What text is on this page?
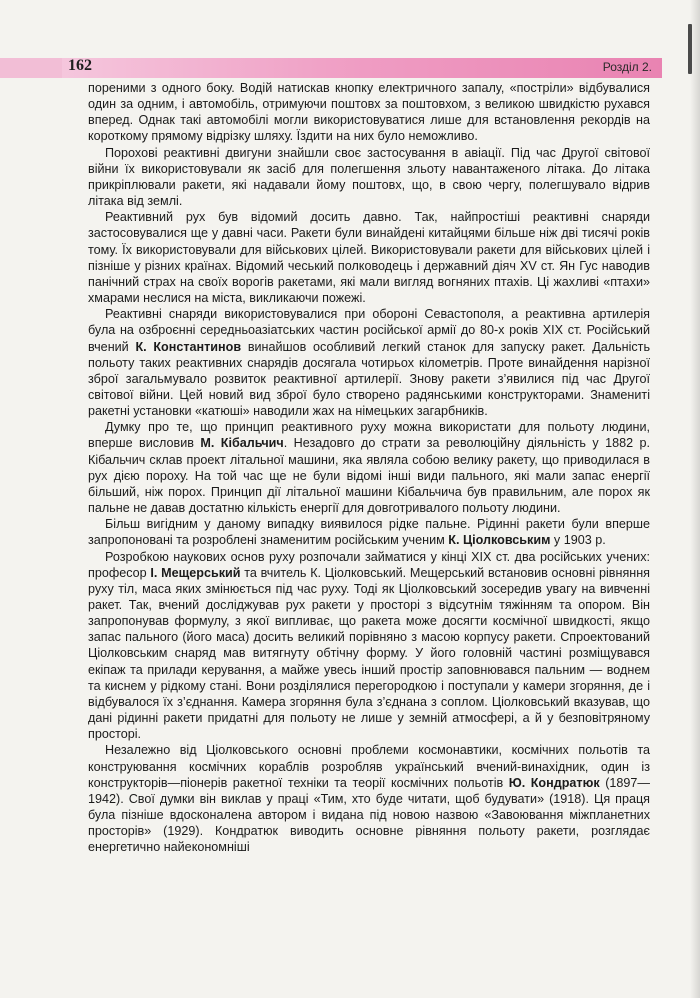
162	Розділ 2.

пореними з одного боку. Водій натискав кнопку електричного запалу, «постріли» відбувалися один за одним, і автомобіль, отримуючи поштовх за поштовхом, з великою швидкістю рухався вперед. Однак такі автомобілі могли використовуватися лише для встановлення рекордів на короткому прямому відрізку шляху. Їздити на них було неможливо.

Порохові реактивні двигуни знайшли своє застосування в авіації. Під час Другої світової війни їх використовували як засіб для полегшення зльоту навантаженого літака. До літака прикріплювали ракети, які надавали йому поштовх, що, в свою чергу, полегшувало відрив літака від землі.

Реактивний рух був відомий досить давно. Так, найпростіші реактивні снаряди застосовувалися ще у давні часи. Ракети були винайдені китайцями більше ніж дві тисячі років тому. Їх використовували для військових цілей. Використовували ракети для військових цілей і пізніше у різних країнах. Відомий чеський полководець і державний діяч XV ст. Ян Гус наводив панічний страх на своїх ворогів ракетами, які мали вигляд вогняних птахів. Ці жахливі «птахи» хмарами неслися на міста, викликаючи пожежі.

Реактивні снаряди використовувалися при обороні Севастополя, а реактивна артилерія була на озброєнні середньоазіатських частин російської армії до 80-х років XIX ст. Російський вчений К. Константинов винайшов особливий легкий станок для запуску ракет. Дальність польоту таких реактивних снарядів досягала чотирьох кілометрів. Проте винайдення нарізної зброї загальмувало розвиток реактивної артилерії. Знову ракети з’явилися під час Другої світової війни. Цей новий вид зброї було створено радянськими конструкторами. Знамениті ракетні установки «катюші» наводили жах на німецьких загарбників.

Думку про те, що принцип реактивного руху можна використати для польоту людини, вперше висловив М. Кібальчич. Незадовго до страти за революційну діяльність у 1882 р. Кібальчич склав проект літальної машини, яка являла собою велику ракету, що приводилася в рух дією пороху. На той час ще не були відомі інші види пального, які мали запас енергії більший, ніж порох. Принцип дії літальної машини Кібальчича був правильним, але порох як пальне не давав достатню кількість енергії для довготривалого польоту людини.

Більш вигідним у даному випадку виявилося рідке пальне. Рідинні ракети були вперше запропоновані та розроблені знаменитим російським ученим К. Ціолковським у 1903 р.

Розробкою наукових основ руху розпочали займатися у кінці XIX ст. два російських учених: професор І. Мещерський та вчитель К. Ціолковський. Мещерський встановив основні рівняння руху тіл, маса яких змінюється під час руху. Тоді як Ціолковський зосередив увагу на вивченні ракет. Так, вчений досліджував рух ракети у просторі з відсутнім тяжінням та опором. Він запропонував формулу, з якої випливає, що ракета може досягти космічної швидкості, якщо запас пального (його маса) досить великий порівняно з масою корпусу ракети. Спроектований Ціолковським снаряд мав витягнуту обтічну форму. У його головній частині розміщувався екіпаж та прилади керування, а майже увесь інший простір заповнювався пальним — воднем та киснем у рідкому стані. Вони розділялися перегородкою і поступали у камери згоряння, де і відбувалося їх з’єднання. Камера згоряння була з’єднана з соплом. Ціолковський вказував, що дані рідинні ракети придатні для польоту не лише у земній атмосфері, а й у безповітряному просторі.

Незалежно від Ціолковського основні проблеми космонавтики, космічних польотів та конструювання космічних кораблів розробляв український вчений-винахідник, один із конструкторів—піонерів ракетної техніки та теорії космічних польотів Ю. Кондратюк (1897—1942). Свої думки він виклав у праці «Тим, хто буде читати, щоб будувати» (1918). Ця праця була пізніше вдосконалена автором і видана під новою назвою «Завоювання міжпланетних просторів» (1929). Кондратюк виводить основне рівняння польоту ракети, розглядає енергетично найекономніші
